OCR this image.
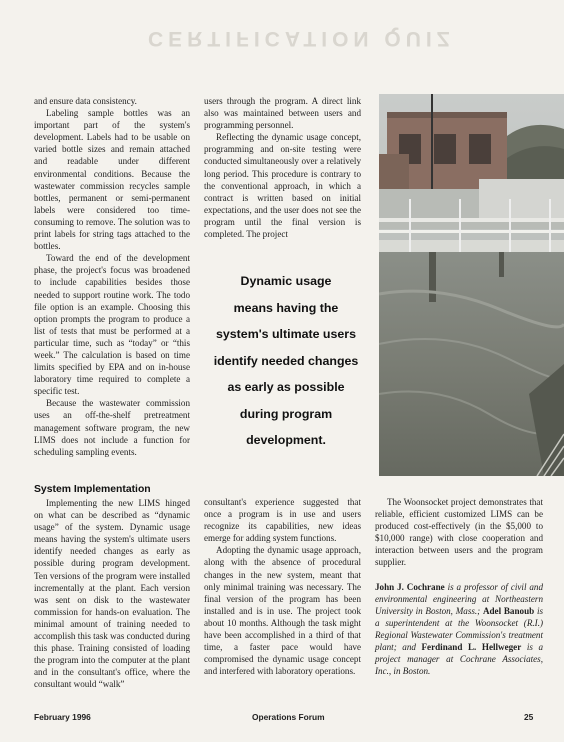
CERTIFICATION QUIZ

and ensure data consistency.

Labeling sample bottles was an important part of the system's development. Labels had to be usable on varied bottle sizes and remain attached and readable under different environmental conditions. Because the wastewater commission recycles sample bottles, permanent or semi-permanent labels were considered too time-consuming to remove. The solution was to print labels for string tags attached to the bottles.

Toward the end of the development phase, the project's focus was broadened to include capabilities besides those needed to support routine work. The todo file option is an example. Choosing this option prompts the program to produce a list of tests that must be performed at a particular time, such as “today” or “this week.” The calculation is based on time limits specified by EPA and on in-house laboratory time required to complete a specific test.

Because the wastewater commission uses an off-the-shelf pretreatment management software program, the new LIMS does not include a function for scheduling sampling events.

users through the program. A direct link also was maintained between users and programming personnel.

Reflecting the dynamic usage concept, programming and on-site testing were conducted simultaneously over a relatively long period. This procedure is contrary to the conventional approach, in which a contract is written based on initial expectations, and the user does not see the program until the final version is completed. The project

Dynamic usage
means having the
system's ultimate users
identify needed changes
as early as possible
during program
development.
System Implementation

Implementing the new LIMS hinged on what can be described as “dynamic usage” of the system. Dynamic usage means having the system's ultimate users identify needed changes as early as possible during program development. Ten versions of the program were installed incrementally at the plant. Each version was sent on disk to the wastewater commission for hands-on evaluation. The minimal amount of training needed to accomplish this task was conducted during this phase. Training consisted of loading the program into the computer at the plant and in the consultant's office, where the consultant would “walk”

consultant's experience suggested that once a program is in use and users recognize its capabilities, new ideas emerge for adding system functions.

Adopting the dynamic usage approach, along with the absence of procedural changes in the new system, meant that only minimal training was necessary. The final version of the program has been installed and is in use. The project took about 10 months. Although the task might have been accomplished in a third of that time, a faster pace would have compromised the dynamic usage concept and interfered with laboratory operations.

The Woonsocket project demonstrates that reliable, efficient customized LIMS can be produced cost-effectively (in the $5,000 to $10,000 range) with close cooperation and interaction between users and the program supplier.

John J. Cochrane is a professor of civil and environmental engineering at Northeastern University in Boston, Mass.; Adel Banoub is a superintendent at the Woonsocket (R.I.) Regional Wastewater Commission's treatment plant; and Ferdinand L. Hellweger is a project manager at Cochrane Associates, Inc., in Boston.

February 1996	Operations Forum	25
